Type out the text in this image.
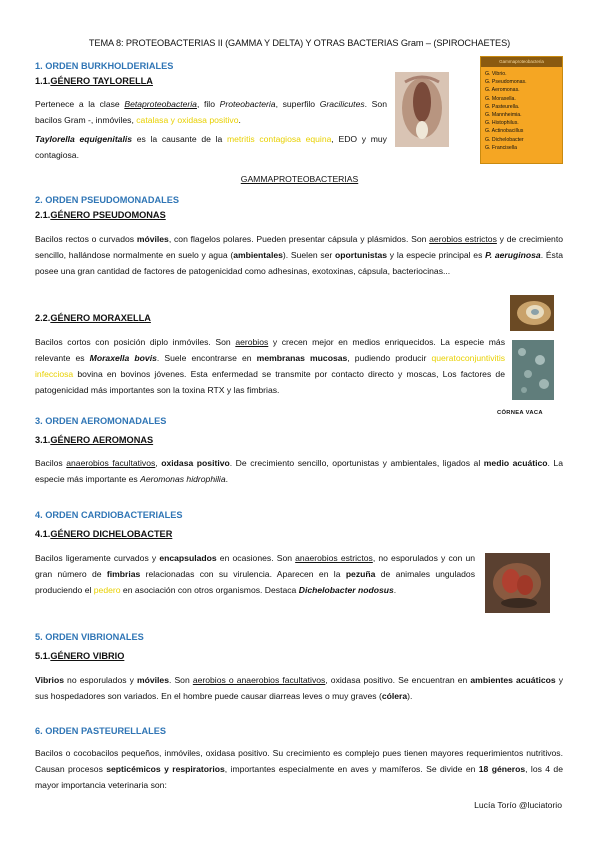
TEMA 8: PROTEOBACTERIAS II (GAMMA Y DELTA) Y OTRAS BACTERIAS Gram – (SPIROCHAETES)
Gammaproteobacteria
G. Vibrio.
G. Pseudomonas.
G. Aeromonas.
G. Moraxella.
G. Pasteurella.
G. Mannheimia.
G. Histophilus.
G. Actinobacillus
G. Dichelobacter
G. Francisella
1. ORDEN BURKHOLDERIALES
1.1.GÉNERO TAYLORELLA
Pertenece a la clase Betaproteobacteria, filo Proteobacteria, superfilo Gracilicutes. Son bacilos Gram -, inmóviles, catalasa y oxidasa positivo.
Taylorella equigenitalis es la causante de la metritis contagiosa equina, EDO y muy contagiosa.
GAMMAPROTEOBACTERIAS
2. ORDEN PSEUDOMONADALES
2.1.GÉNERO PSEUDOMONAS
Bacilos rectos o curvados móviles, con flagelos polares. Pueden presentar cápsula y plásmidos. Son aerobios estrictos y de crecimiento sencillo, hallándose normalmente en suelo y agua (ambientales). Suelen ser oportunistas y la especie principal es P. aeruginosa. Ésta posee una gran cantidad de factores de patogenicidad como adhesinas, exotoxinas, cápsula, bacteriocinas...
2.2.GÉNERO MORAXELLA
Bacilos cortos con posición diplo inmóviles. Son aerobios y crecen mejor en medios enriquecidos. La especie más relevante es Moraxella bovis. Suele encontrarse en membranas mucosas, pudiendo producir queratoconjuntivitis infecciosa bovina en bovinos jóvenes. Esta enfermedad se transmite por contacto directo y moscas, Los factores de patogenicidad más importantes son la toxina RTX y las fimbrias.
CÓRNEA VACA
3. ORDEN AEROMONADALES
3.1.GÉNERO AEROMONAS
Bacilos anaerobios facultativos, oxidasa positivo. De crecimiento sencillo, oportunistas y ambientales, ligados al medio acuático. La especie más importante es Aeromonas hidrophilia.
4. ORDEN CARDIOBACTERIALES
4.1.GÉNERO DICHELOBACTER
Bacilos ligeramente curvados y encapsulados en ocasiones. Son anaerobios estrictos, no esporulados y con un gran número de fimbrias relacionadas con su virulencia. Aparecen en la pezuña de animales ungulados produciendo el pedero en asociación con otros organismos. Destaca Dichelobacter nodosus.
5. ORDEN VIBRIONALES
5.1.GÉNERO VIBRIO
Vibrios no esporulados y móviles. Son aerobios o anaerobios facultativos, oxidasa positivo. Se encuentran en ambientes acuáticos y sus hospedadores son variados. En el hombre puede causar diarreas leves o muy graves (cólera).
6. ORDEN PASTEURELLALES
Bacilos o cocobacilos pequeños, inmóviles, oxidasa positivo. Su crecimiento es complejo pues tienen mayores requerimientos nutritivos. Causan procesos septicémicos y respiratorios, importantes especialmente en aves y mamíferos. Se divide en 18 géneros, los 4 de mayor importancia veterinaria son:
Lucía Torío @luciatorio
